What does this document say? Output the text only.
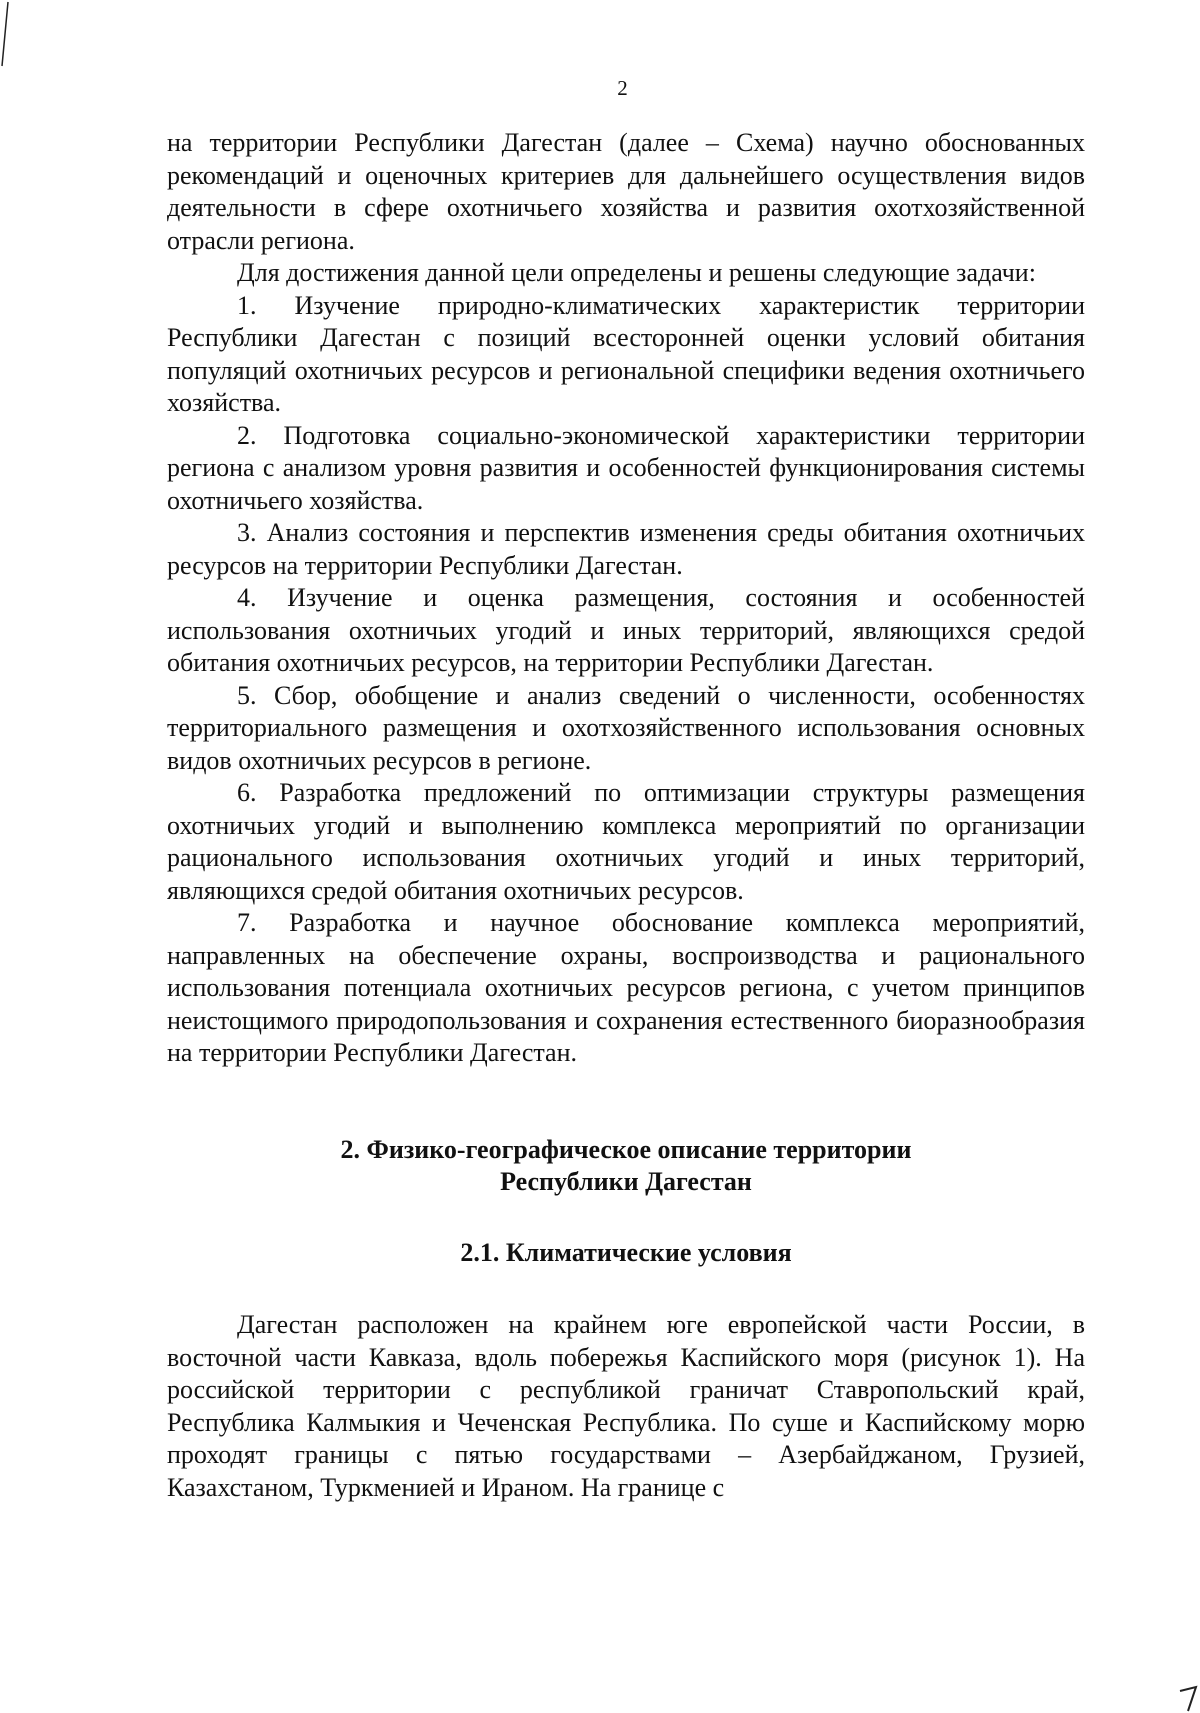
2

на территории Республики Дагестан (далее – Схема) научно обоснованных рекомендаций и оценочных критериев для дальнейшего осуществления видов деятельности в сфере охотничьего хозяйства и развития охотхозяйственной отрасли региона.

Для достижения данной цели определены и решены следующие задачи:

1. Изучение природно-климатических характеристик территории Республики Дагестан с позиций всесторонней оценки условий обитания популяций охотничьих ресурсов и региональной специфики ведения охотничьего хозяйства.

2. Подготовка социально-экономической характеристики территории региона с анализом уровня развития и особенностей функционирования системы охотничьего хозяйства.

3. Анализ состояния и перспектив изменения среды обитания охотничьих ресурсов на территории Республики Дагестан.

4. Изучение и оценка размещения, состояния и особенностей использования охотничьих угодий и иных территорий, являющихся средой обитания охотничьих ресурсов, на территории Республики Дагестан.

5. Сбор, обобщение и анализ сведений о численности, особенностях территориального размещения и охотхозяйственного использования основных видов охотничьих ресурсов в регионе.

6. Разработка предложений по оптимизации структуры размещения охотничьих угодий и выполнению комплекса мероприятий по организации рационального использования охотничьих угодий и иных территорий, являющихся средой обитания охотничьих ресурсов.

7. Разработка и научное обоснование комплекса мероприятий, направленных на обеспечение охраны, воспроизводства и рационального использования потенциала охотничьих ресурсов региона, с учетом принципов неистощимого природопользования и сохранения естественного биоразнообразия на территории Республики Дагестан.

2. Физико-географическое описание территории
Республики Дагестан
2.1. Климатические условия

Дагестан расположен на крайнем юге европейской части России, в восточной части Кавказа, вдоль побережья Каспийского моря (рисунок 1). На российской территории с республикой граничат Ставропольский край, Республика Калмыкия и Чеченская Республика. По суше и Каспийскому морю проходят границы с пятью государствами – Азербайджаном, Грузией, Казахстаном, Туркменией и Ираном. На границе с
